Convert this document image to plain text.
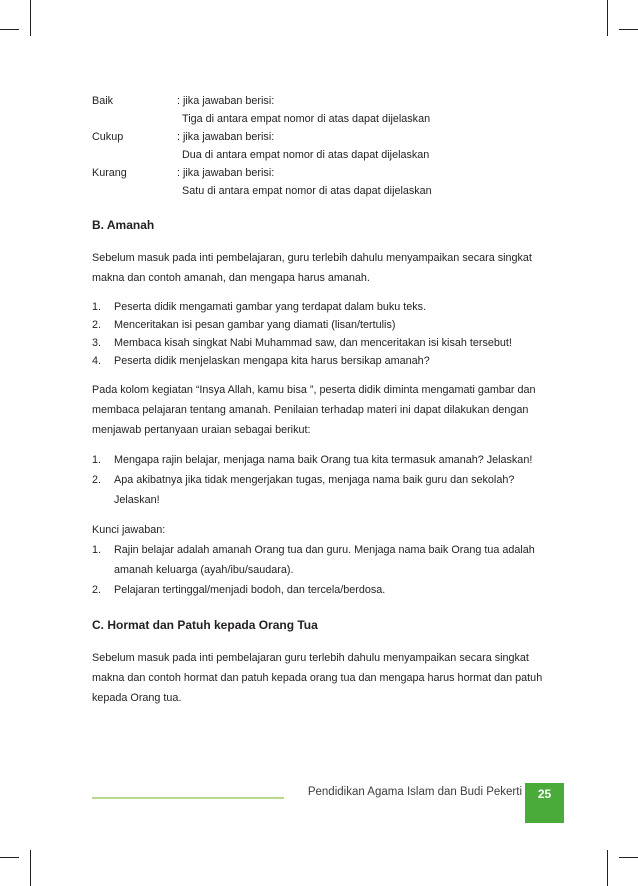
Baik	: jika jawaban berisi:
Tiga di antara empat nomor di atas dapat dijelaskan
Cukup	: jika jawaban berisi:
Dua di antara empat nomor di atas dapat dijelaskan
Kurang	: jika jawaban berisi:
Satu di antara empat nomor di atas dapat dijelaskan
B. Amanah

Sebelum masuk pada inti pembelajaran, guru terlebih dahulu menyampaikan secara singkat makna dan contoh amanah, dan mengapa harus amanah.

1.	Peserta didik mengamati gambar yang terdapat dalam buku teks.
2.	Menceritakan isi pesan gambar yang diamati (lisan/tertulis)
3.	Membaca kisah singkat Nabi Muhammad saw, dan menceritakan isi kisah tersebut!
4.	Peserta didik menjelaskan mengapa kita harus bersikap amanah?

Pada kolom kegiatan “Insya Allah, kamu bisa ”, peserta didik diminta mengamati gambar dan membaca pelajaran tentang amanah. Penilaian terhadap materi ini dapat dilakukan dengan menjawab pertanyaan uraian sebagai berikut:

1.	Mengapa rajin belajar, menjaga nama baik Orang tua kita termasuk amanah? Jelaskan!
2.	Apa akibatnya jika tidak mengerjakan tugas, menjaga nama baik guru dan sekolah? Jelaskan!
Kunci jawaban:
1.	Rajin belajar adalah amanah Orang tua dan guru. Menjaga nama baik Orang tua adalah amanah keluarga (ayah/ibu/saudara).
2.	Pelajaran tertinggal/menjadi bodoh, dan tercela/berdosa.
C. Hormat dan Patuh kepada Orang Tua

Sebelum masuk pada inti pembelajaran guru terlebih dahulu menyampaikan secara singkat makna dan contoh hormat dan patuh kepada orang tua dan mengapa harus hormat dan patuh kepada Orang tua.

Pendidikan Agama Islam dan Budi Pekerti	25
